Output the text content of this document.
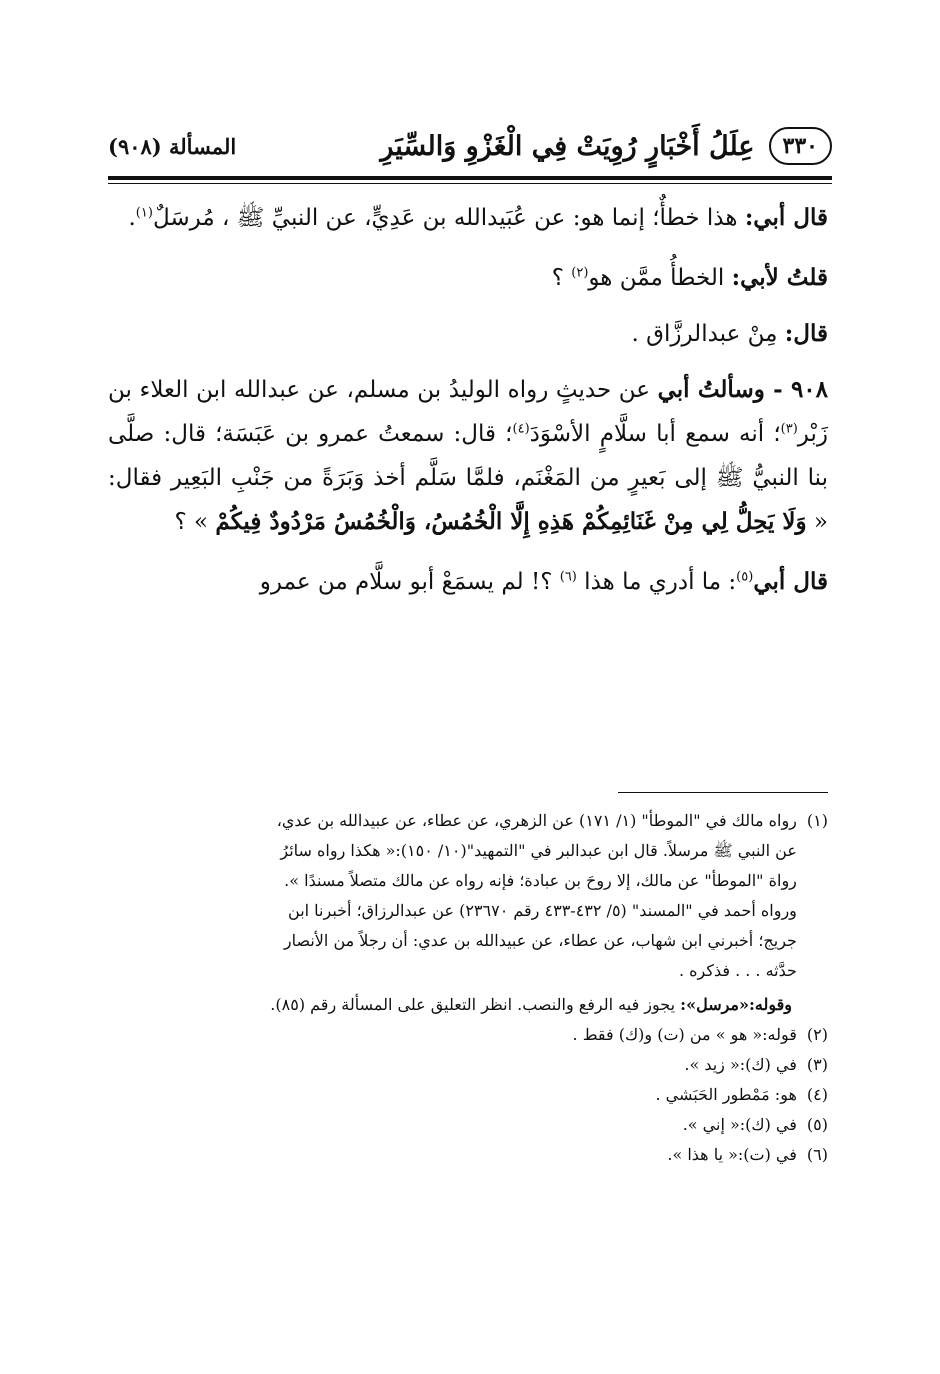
٣٣٠
عِلَلُ أَخْبَارٍ رُوِيَتْ فِي الْغَزْوِ وَالسِّيَرِ
المسألة (٩٠٨)

قال أبي: هذا خطأٌ؛ إنما هو: عن عُبَيدالله بن عَدِيٍّ، عن النبيِّ ﷺ ، مُرسَلٌ$^{(١)}$.

قلتُ لأبي: الخطأُ ممَّن هو$^{(٢)}$ ؟

قال: مِنْ عبدالرزَّاق .

٩٠٨ - وسألتُ أبي عن حديثٍ رواه الوليدُ بن مسلم، عن عبدالله ابن العلاء بن زَبْر$^{(٣)}$؛ أنه سمع أبا سلَّامٍ الأسْوَدَ$^{(٤)}$؛ قال: سمعتُ عمرو بن عَبَسَة؛ قال: صلَّى بنا النبيُّ ﷺ إلى بَعيرٍ من المَغْنَم، فلمَّا سَلَّم أخذ وَبَرَةً من جَنْبِ البَعِير فقال: « وَلَا يَحِلُّ لِي مِنْ غَنَائِمِكُمْ هَذِهِ إِلَّا الْخُمُسُ، وَالْخُمُسُ مَرْدُودٌ فِيكُمْ » ؟

قال أبي$^{(٥)}$: ما أدري ما هذا $^{(٦)}$ ؟! لم يسمَعْ أبو سلَّام من عمرو

(١)
رواه مالك في "الموطأ" (١/ ١٧١) عن الزهري، عن عطاء، عن عبيدالله بن عدي،
عن النبي ﷺ مرسلاً. قال ابن عبدالبر في "التمهيد"(١٠/ ١٥٠):« هكذا رواه سائرُ
رواة "الموطأ" عن مالك، إلا روحَ بن عبادة؛ فإنه رواه عن مالك متصلاً مسندًا ».
ورواه أحمد في "المسند" (٥/ ٤٣٢-٤٣٣ رقم ٢٣٦٧٠) عن عبدالرزاق؛ أخبرنا ابن
جريج؛ أخبرني ابن شهاب، عن عطاء، عن عبيدالله بن عدي: أن رجلاً من الأنصار
حدَّثه . . . فذكره .
وقوله:«مرسل»: يجوز فيه الرفع والنصب. انظر التعليق على المسألة رقم (٨٥).
(٢)
قوله:« هو » من (ت) و(ك) فقط .
(٣)
في (ك):« زيد ».
(٤)
هو: مَمْطور الحَبَشي .
(٥)
في (ك):« إني ».
(٦)
في (ت):« يا هذا ».
